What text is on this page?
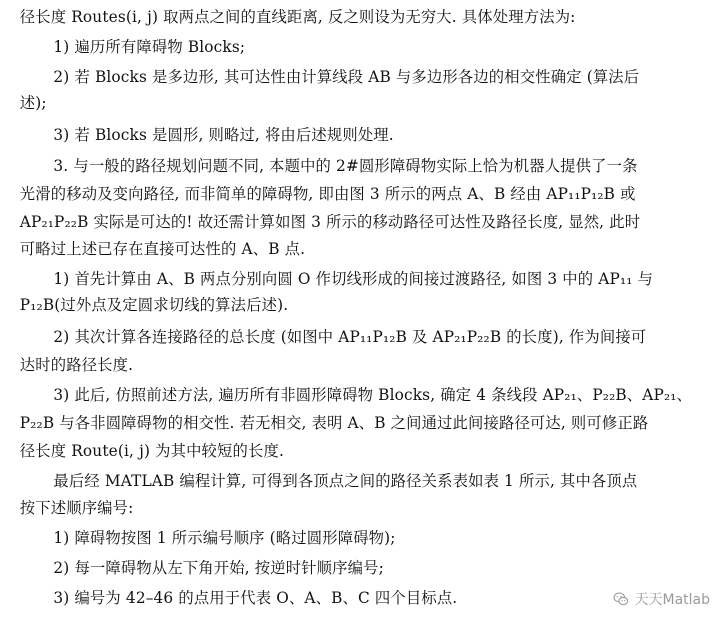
径长度 Routes(i, j) 取两点之间的直线距离, 反之则设为无穷大. 具体处理方法为:
1) 遍历所有障碍物 Blocks;
2) 若 Blocks 是多边形, 其可达性由计算线段 AB 与多边形各边的相交性确定 (算法后
述);
3) 若 Blocks 是圆形, 则略过, 将由后述规则处理.
3. 与一般的路径规划问题不同, 本题中的 2#圆形障碍物实际上恰为机器人提供了一条
光滑的移动及变向路径, 而非简单的障碍物, 即由图 3 所示的两点 A、B 经由 AP₁₁P₁₂B 或
AP₂₁P₂₂B 实际是可达的! 故还需计算如图 3 所示的移动路径可达性及路径长度, 显然, 此时
可略过上述已存在直接可达性的 A、B 点.
1) 首先计算由 A、B 两点分别向圆 O 作切线形成的间接过渡路径, 如图 3 中的 AP₁₁ 与
P₁₂B(过外点及定圆求切线的算法后述).
2) 其次计算各连接路径的总长度 (如图中 AP₁₁P₁₂B 及 AP₂₁P₂₂B 的长度), 作为间接可
达时的路径长度.
3) 此后, 仿照前述方法, 遍历所有非圆形障碍物 Blocks, 确定 4 条线段 AP₂₁、P₂₂B、AP₂₁、
P₂₂B 与各非圆障碍物的相交性. 若无相交, 表明 A、B 之间通过此间接路径可达, 则可修正路
径长度 Route(i, j) 为其中较短的长度.
最后经 MATLAB 编程计算, 可得到各顶点之间的路径关系表如表 1 所示, 其中各顶点
按下述顺序编号:
1) 障碍物按图 1 所示编号顺序 (略过圆形障碍物);
2) 每一障碍物从左下角开始, 按逆时针顺序编号;
3) 编号为 42–46 的点用于代表 O、A、B、C 四个目标点.	天天Matlab
